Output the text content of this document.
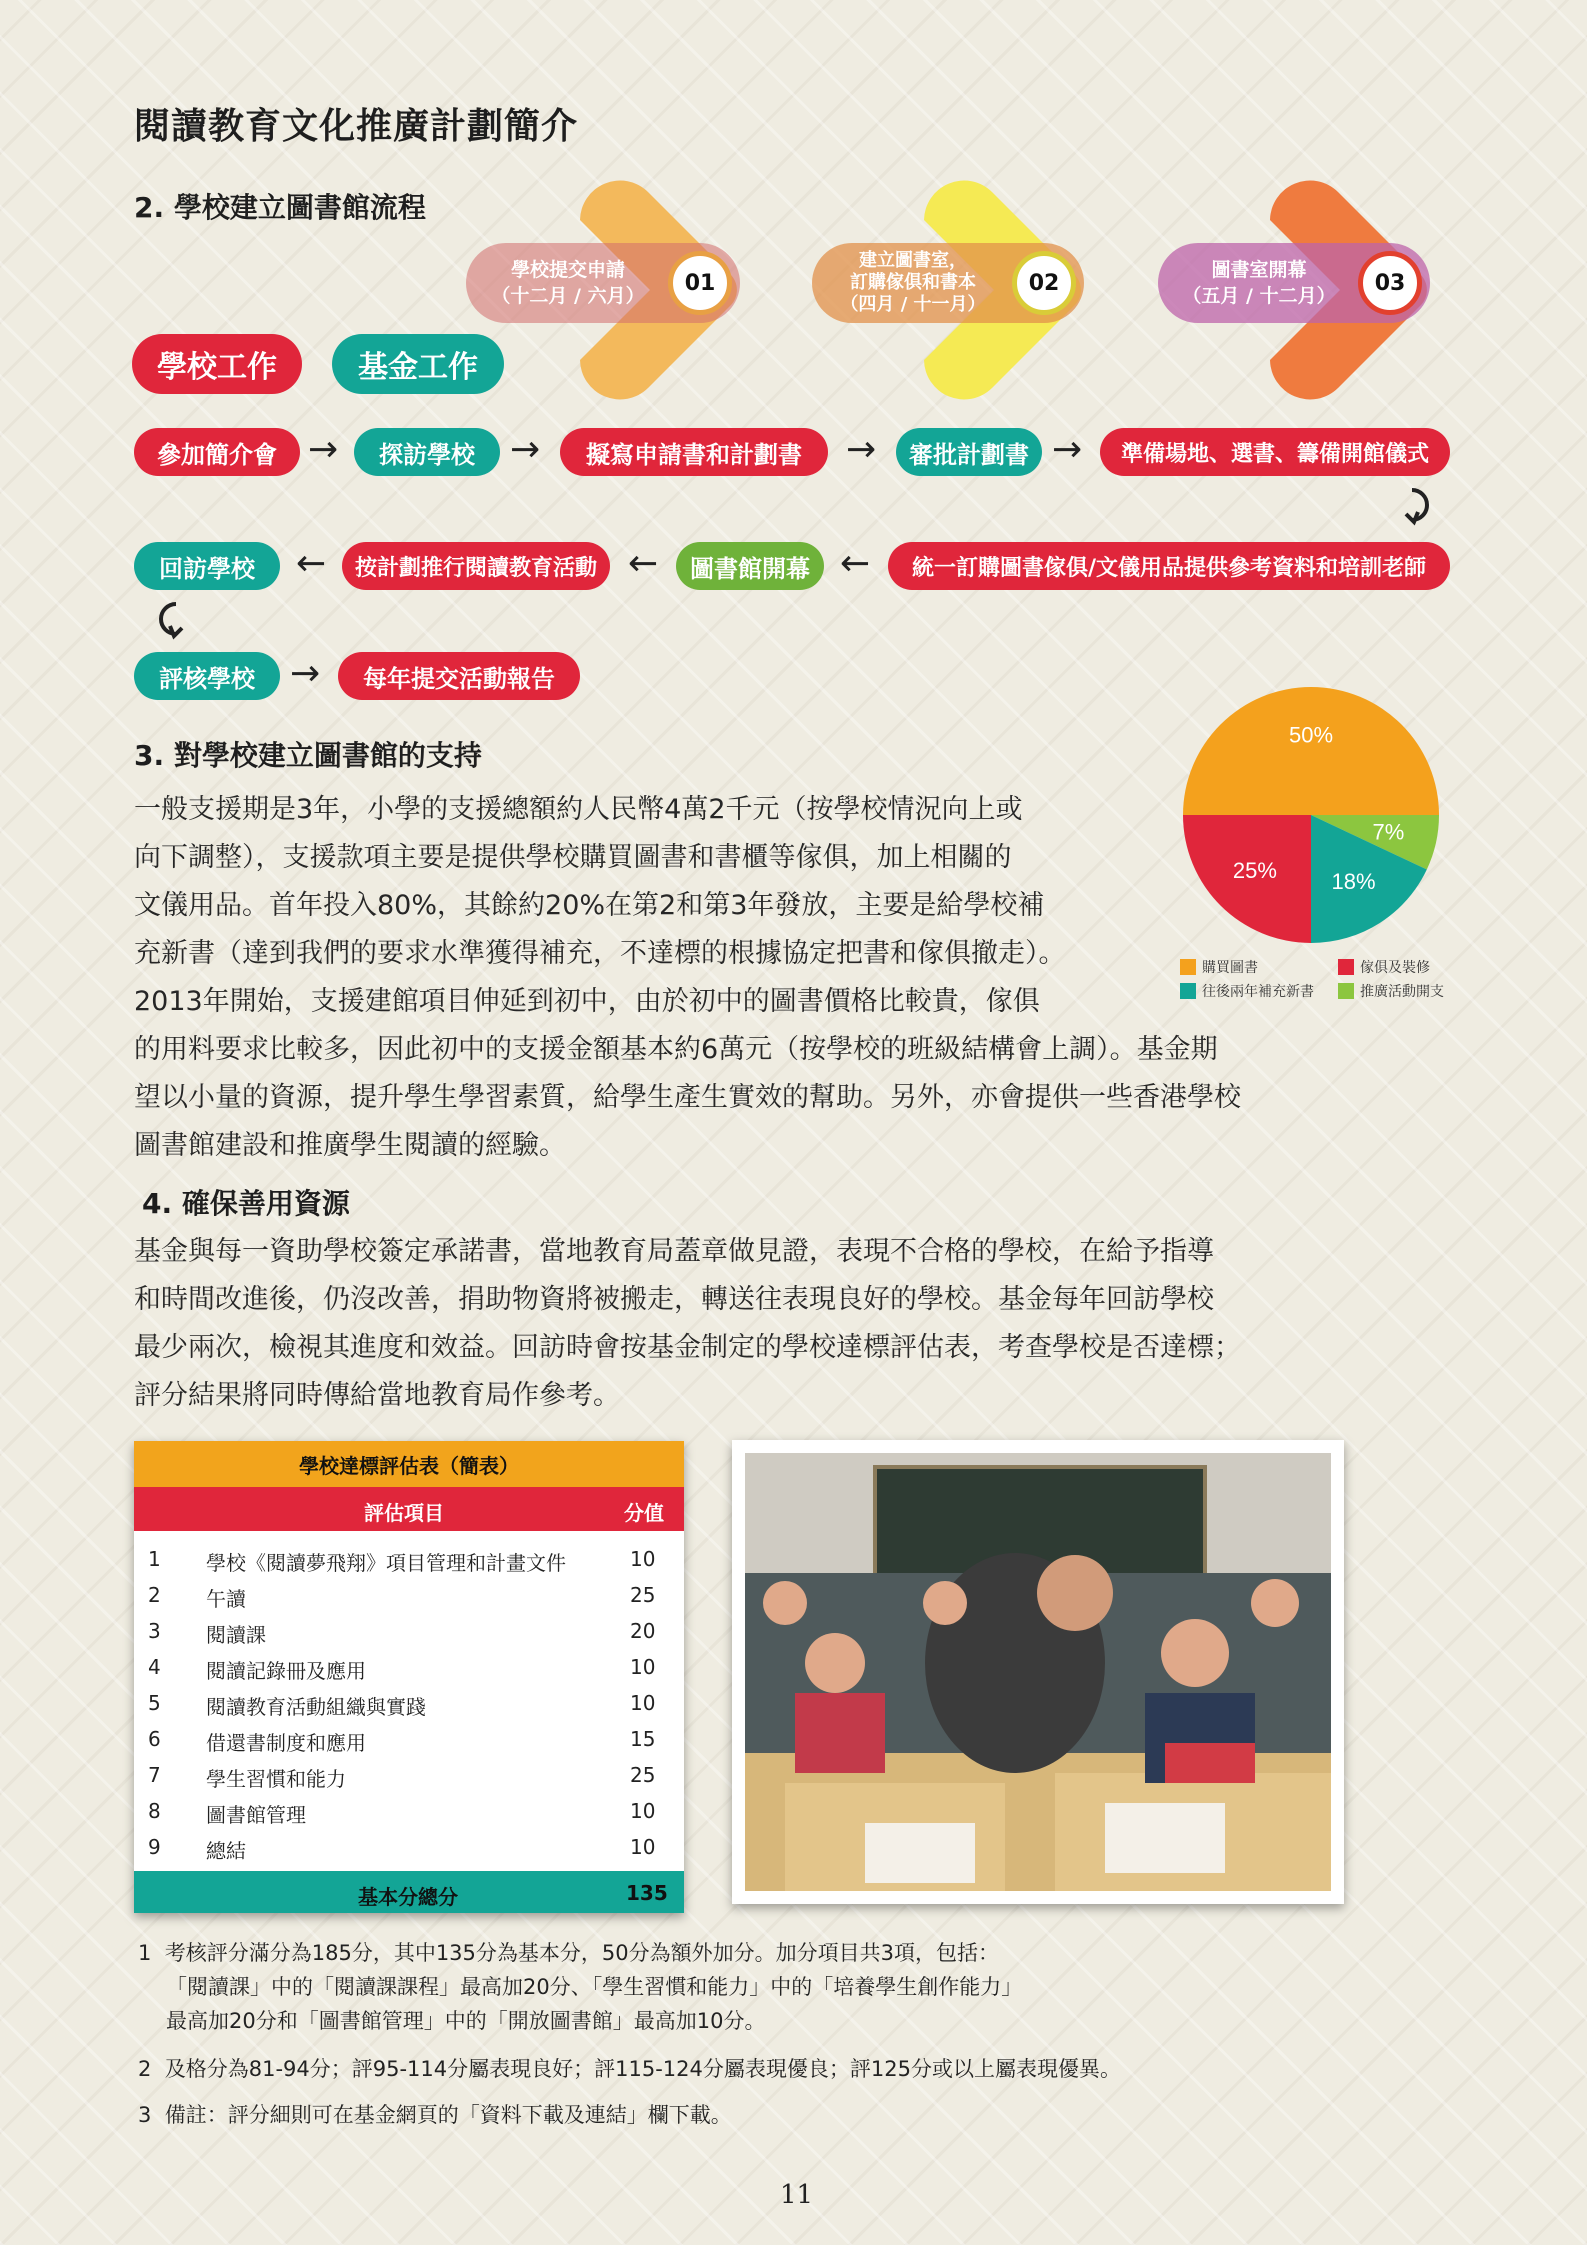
閱讀教育文化推廣計劃簡介
2. 學校建立圖書館流程
學校提交申請
（十二月 / 六月）
01
建立圖書室，
訂購傢俱和書本
（四月 / 十一月）
02
圖書室開幕
（五月 / 十二月）
03
學校工作	基金工作
參加簡介會 →	探訪學校 →	擬寫申請書和計劃書	→	審批計劃書 →	準備場地、選書、籌備開館儀式
回訪學校	←	按計劃推行閱讀教育活動 ←	圖書館開幕 ←	統一訂購圖書傢俱/文儀用品提供參考資料和培訓老師
評核學校 →	每年提交活動報告
3. 對學校建立圖書館的支持
一般支援期是3年，小學的支援總額約人民幣4萬2千元（按學校情況向上或
向下調整），支援款項主要是提供學校購買圖書和書櫃等傢俱，加上相關的
文儀用品。首年投入80%，其餘約20%在第2和第3年發放，主要是給學校補
充新書（達到我們的要求水準獲得補充，不達標的根據協定把書和傢俱撤走）。
2013年開始，支援建館項目伸延到初中，由於初中的圖書價格比較貴，傢俱
的用料要求比較多，因此初中的支援金額基本約6萬元（按學校的班級結構會上調）。基金期
望以小量的資源，提升學生學習素質，給學生產生實效的幫助。另外，亦會提供一些香港學校
圖書館建設和推廣學生閱讀的經驗。
25%
50%
7%
18%
購買圖書	傢俱及裝修
往後兩年補充新書	推廣活動開支
4. 確保善用資源
基金與每一資助學校簽定承諾書，當地教育局蓋章做見證，表現不合格的學校，在給予指導
和時間改進後，仍沒改善，捐助物資將被搬走，轉送往表現良好的學校。基金每年回訪學校
最少兩次，檢視其進度和效益。回訪時會按基金制定的學校達標評估表，考查學校是否達標；
評分結果將同時傳給當地教育局作參考。
學校達標評估表（簡表）
評估項目	分值
1 學校《閱讀夢飛翔》項目管理和計畫文件	10
2 午讀	25
3 閱讀課	20
4 閱讀記錄冊及應用	10
5 閱讀教育活動組織與實踐	10
6 借還書制度和應用	15
7 學生習慣和能力	25
8 圖書館管理	10
9 總結	10
基本分總分	135
1 考核評分滿分為185分，其中135分為基本分，50分為額外加分。加分項目共3項，包括：
「閱讀課」中的「閱讀課課程」最高加20分、「學生習慣和能力」中的「培養學生創作能力」
最高加20分和「圖書館管理」中的「開放圖書館」最高加10分。
2 及格分為81-94分；評95-114分屬表現良好；評115-124分屬表現優良；評125分或以上屬表現優異。
3 備註：評分細則可在基金網頁的「資料下載及連結」欄下載。
11
